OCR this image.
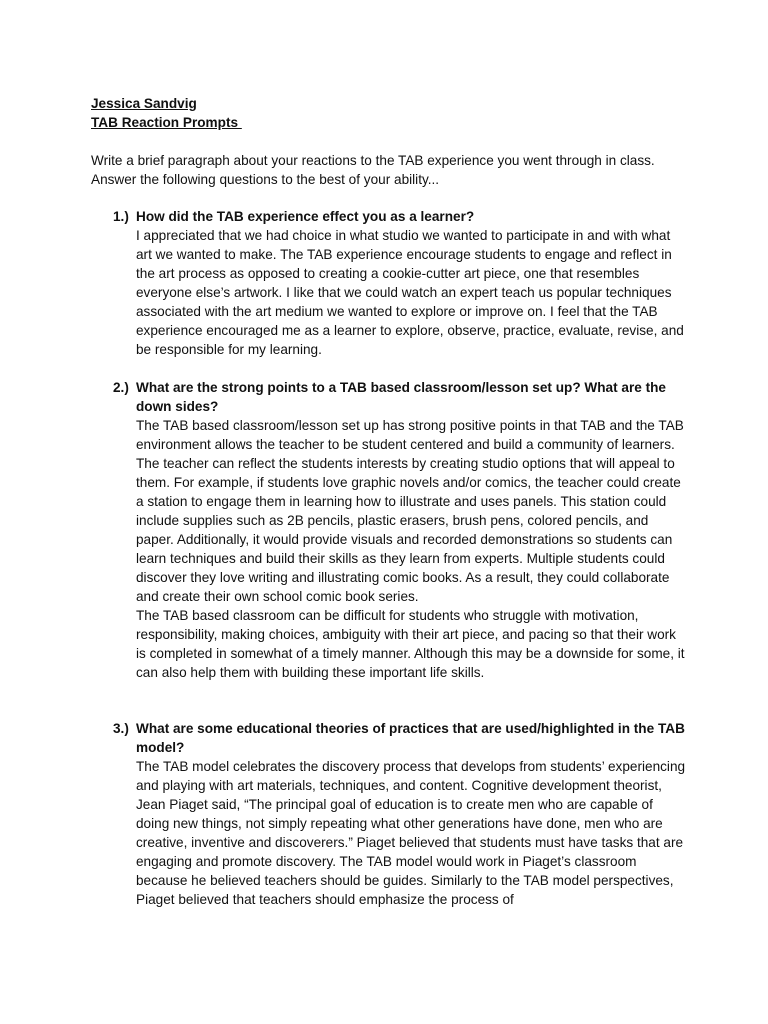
Jessica Sandvig
TAB Reaction Prompts
Write a brief paragraph about your reactions to the TAB experience you went through in class.
Answer the following questions to the best of your ability...
1.) How did the TAB experience effect you as a learner?
I appreciated that we had choice in what studio we wanted to participate in and with what art we wanted to make. The TAB experience encourage students to engage and reflect in the art process as opposed to creating a cookie-cutter art piece, one that resembles everyone else’s artwork. I like that we could watch an expert teach us popular techniques associated with the art medium we wanted to explore or improve on. I feel that the TAB experience encouraged me as a learner to explore, observe, practice, evaluate, revise, and be responsible for my learning.
2.) What are the strong points to a TAB based classroom/lesson set up? What are the down sides?
The TAB based classroom/lesson set up has strong positive points in that TAB and the TAB environment allows the teacher to be student centered and build a community of learners. The teacher can reflect the students interests by creating studio options that will appeal to them. For example, if students love graphic novels and/or comics, the teacher could create a station to engage them in learning how to illustrate and uses panels. This station could include supplies such as 2B pencils, plastic erasers, brush pens, colored pencils, and paper. Additionally, it would provide visuals and recorded demonstrations so students can learn techniques and build their skills as they learn from experts. Multiple students could discover they love writing and illustrating comic books. As a result, they could collaborate and create their own school comic book series.
The TAB based classroom can be difficult for students who struggle with motivation, responsibility, making choices, ambiguity with their art piece, and pacing so that their work is completed in somewhat of a timely manner. Although this may be a downside for some, it can also help them with building these important life skills.
3.) What are some educational theories of practices that are used/highlighted in the TAB model?
The TAB model celebrates the discovery process that develops from students’ experiencing and playing with art materials, techniques, and content. Cognitive development theorist, Jean Piaget said, “The principal goal of education is to create men who are capable of doing new things, not simply repeating what other generations have done, men who are creative, inventive and discoverers.” Piaget believed that students must have tasks that are engaging and promote discovery. The TAB model would work in Piaget’s classroom because he believed teachers should be guides. Similarly to the TAB model perspectives, Piaget believed that teachers should emphasize the process of
